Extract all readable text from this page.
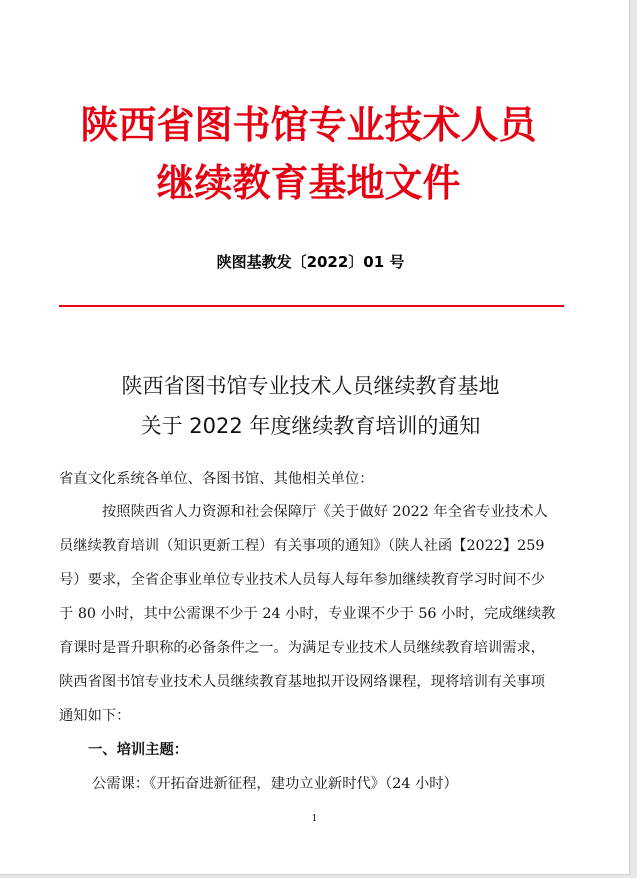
陕西省图书馆专业技术人员
继续教育基地文件
陕图基教发〔2022〕01 号
陕西省图书馆专业技术人员继续教育基地
关于 2022 年度继续教育培训的通知
省直文化系统各单位、各图书馆、其他相关单位：
按照陕西省人力资源和社会保障厅《关于做好 2022 年全省专业技术人
员继续教育培训（知识更新工程）有关事项的通知》（陕人社函【2022】259
号）要求，全省企事业单位专业技术人员每人每年参加继续教育学习时间不少
于 80 小时，其中公需课不少于 24 小时，专业课不少于 56 小时，完成继续教
育课时是晋升职称的必备条件之一。为满足专业技术人员继续教育培训需求，
陕西省图书馆专业技术人员继续教育基地拟开设网络课程，现将培训有关事项
通知如下：
一、培训主题：
公需课：《开拓奋进新征程，建功立业新时代》（24 小时）
1
